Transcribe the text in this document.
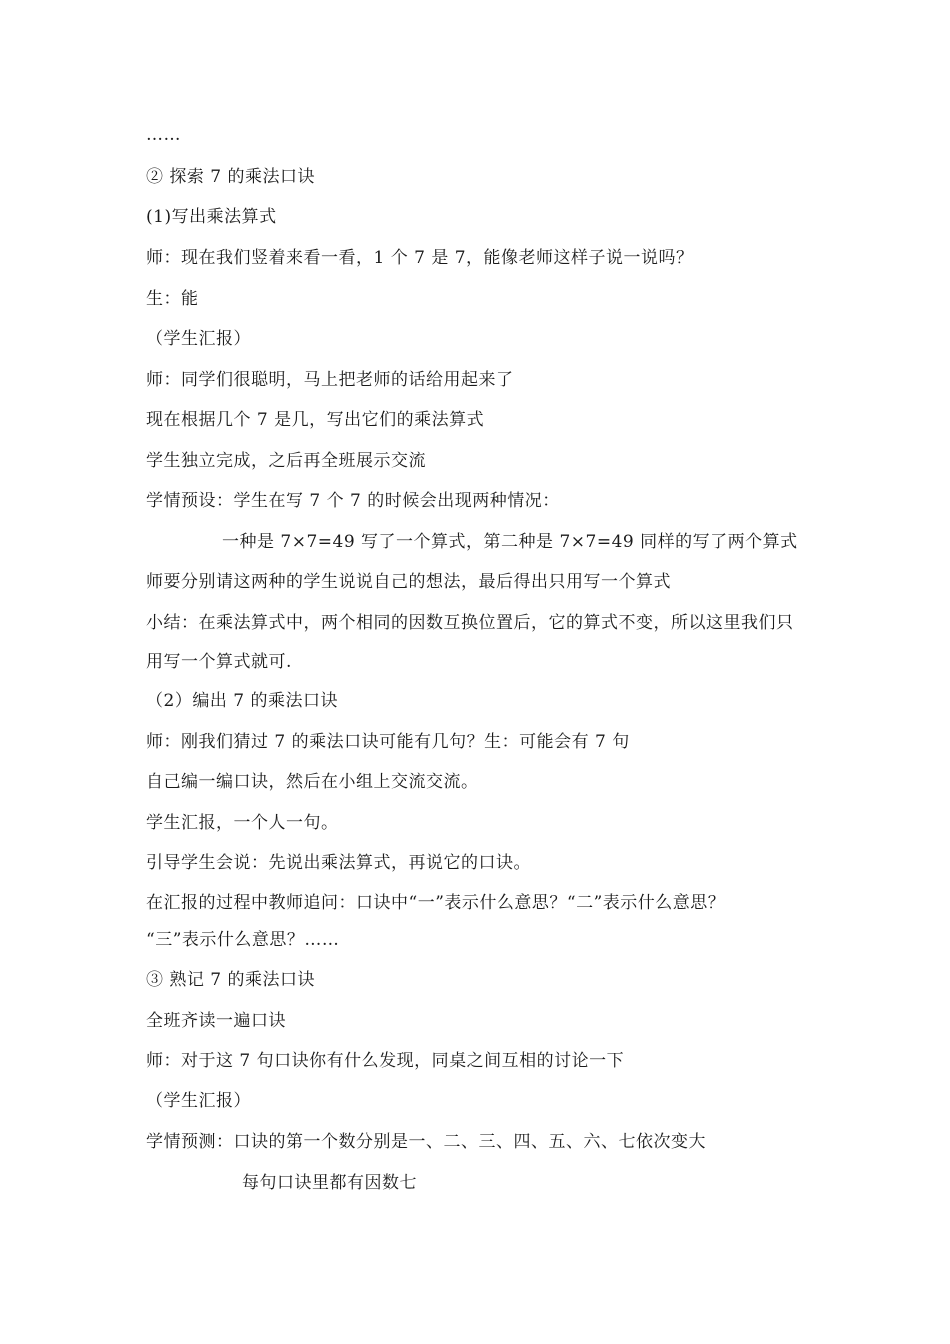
……
② 探索 7 的乘法口诀
(1)写出乘法算式
师：现在我们竖着来看一看，1 个 7 是 7，能像老师这样子说一说吗？
生：能
（学生汇报）
师：同学们很聪明，马上把老师的话给用起来了
现在根据几个 7 是几，写出它们的乘法算式
学生独立完成，之后再全班展示交流
学情预设：学生在写 7 个 7 的时候会出现两种情况：
一种是 7×7=49 写了一个算式，第二种是 7×7=49 同样的写了两个算式
师要分别请这两种的学生说说自己的想法，最后得出只用写一个算式
小结：在乘法算式中，两个相同的因数互换位置后，它的算式不变，所以这里我们只
用写一个算式就可.
（2）编出 7 的乘法口诀
师：刚我们猜过 7 的乘法口诀可能有几句？生：可能会有 7 句
自己编一编口诀，然后在小组上交流交流。
学生汇报，一个人一句。
引导学生会说：先说出乘法算式，再说它的口诀。
在汇报的过程中教师追问：口诀中“一”表示什么意思？“二”表示什么意思？
“三”表示什么意思？……
③ 熟记 7 的乘法口诀
全班齐读一遍口诀
师：对于这 7 句口诀你有什么发现，同桌之间互相的讨论一下
（学生汇报）
学情预测：口诀的第一个数分别是一、二、三、四、五、六、七依次变大
每句口诀里都有因数七
